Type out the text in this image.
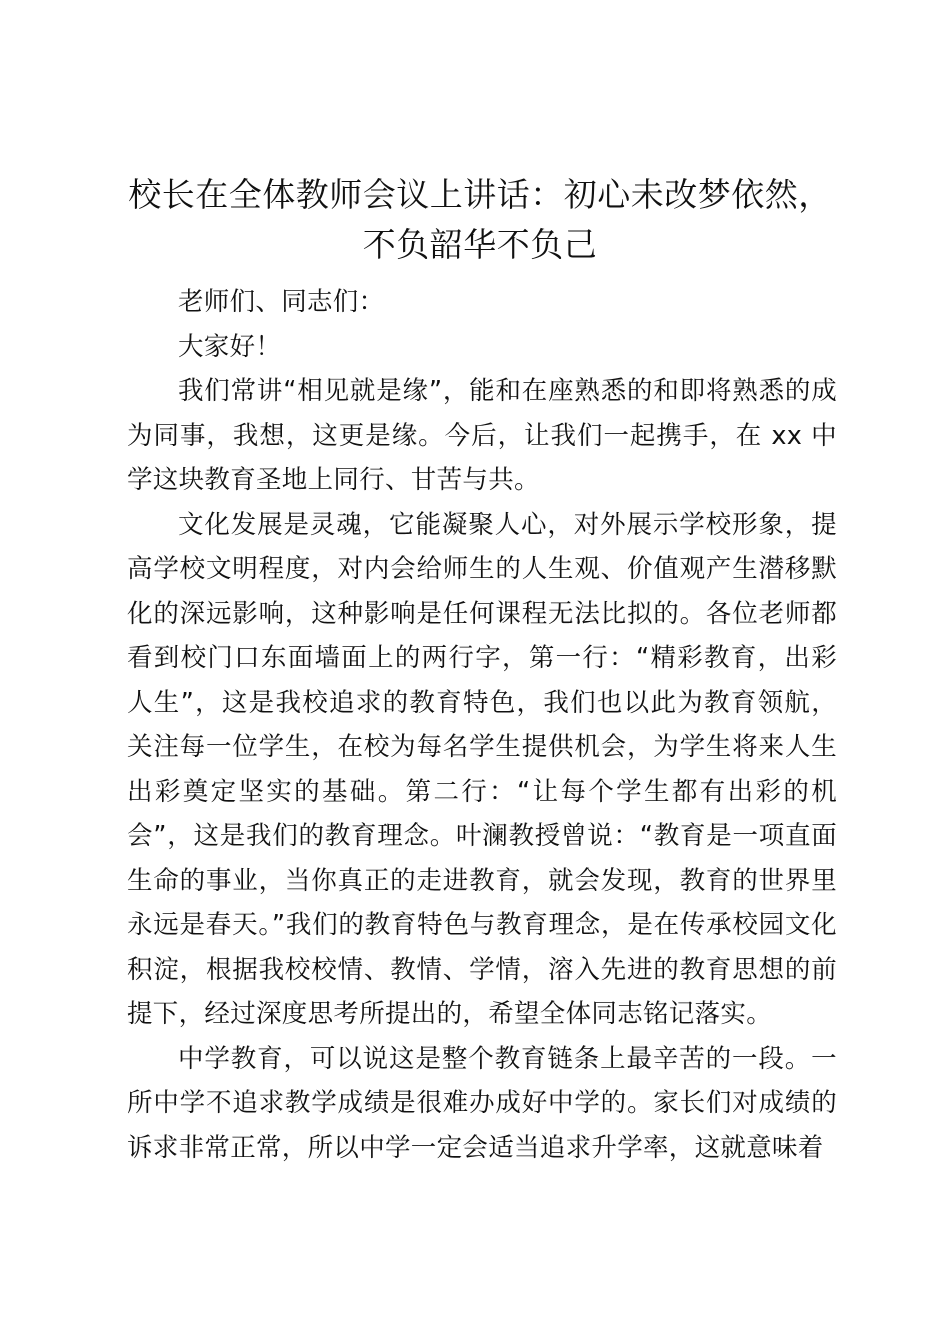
校长在全体教师会议上讲话：初心未改梦依然，
不负韶华不负己

老师们、同志们：

大家好！

我们常讲“相见就是缘”，能和在座熟悉的和即将熟悉的成为同事，我想，这更是缘。今后，让我们一起携手，在 xx 中学这块教育圣地上同行、甘苦与共。

文化发展是灵魂，它能凝聚人心，对外展示学校形象，提高学校文明程度，对内会给师生的人生观、价值观产生潜移默化的深远影响，这种影响是任何课程无法比拟的。各位老师都看到校门口东面墙面上的两行字，第一行：“精彩教育，出彩人生”，这是我校追求的教育特色，我们也以此为教育领航，关注每一位学生，在校为每名学生提供机会，为学生将来人生出彩奠定坚实的基础。第二行：“让每个学生都有出彩的机会”，这是我们的教育理念。叶澜教授曾说：“教育是一项直面生命的事业，当你真正的走进教育，就会发现，教育的世界里永远是春天。”我们的教育特色与教育理念，是在传承校园文化积淀，根据我校校情、教情、学情，溶入先进的教育思想的前提下，经过深度思考所提出的，希望全体同志铭记落实。

中学教育，可以说这是整个教育链条上最辛苦的一段。一所中学不追求教学成绩是很难办成好中学的。家长们对成绩的诉求非常正常，所以中学一定会适当追求升学率，这就意味着
